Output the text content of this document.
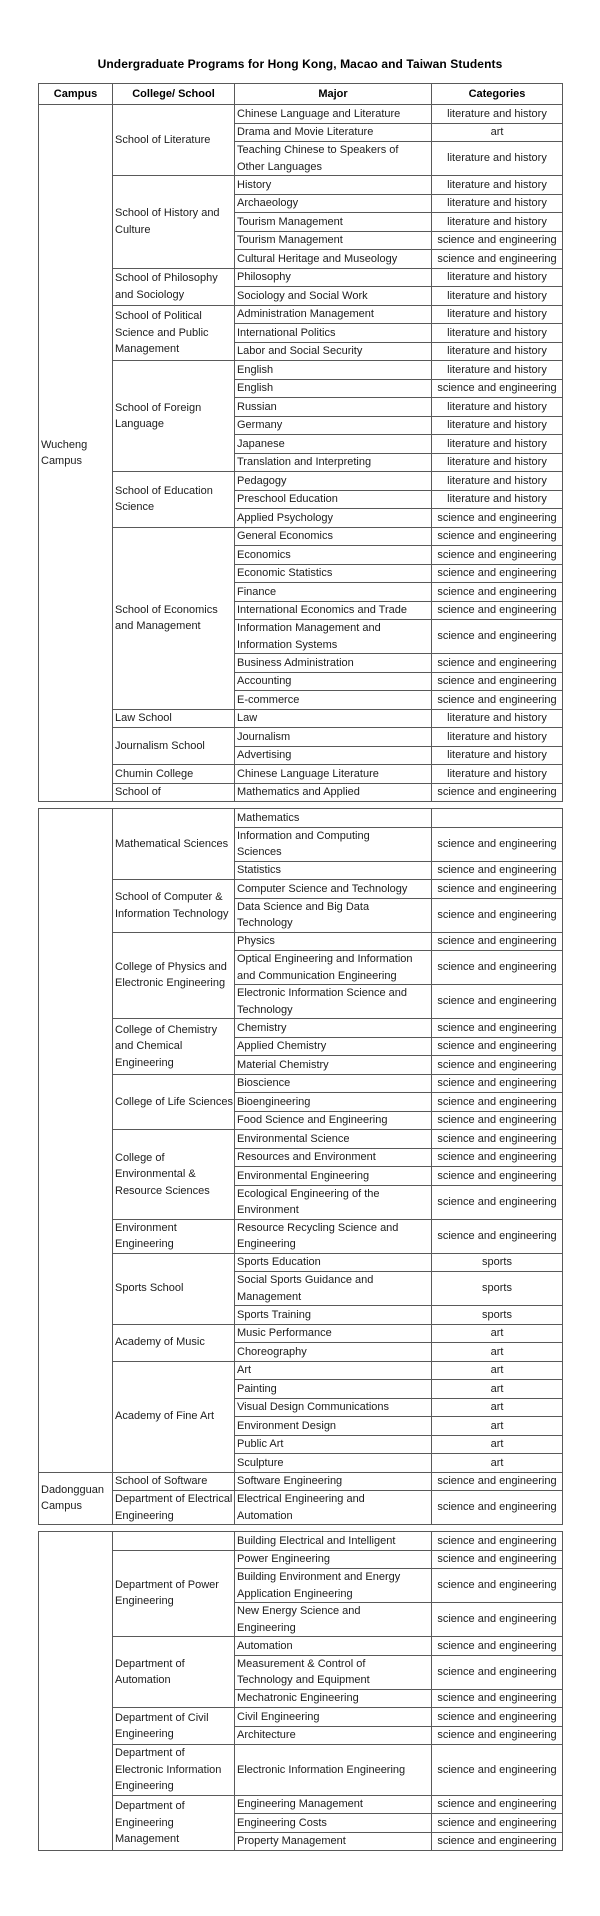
Undergraduate Programs for Hong Kong, Macao and Taiwan Students
Campus	College/ School	Major	Categories
Wucheng Campus	School of Literature	Chinese Language and Literature	literature and history
		Drama and Movie Literature	art
		Teaching Chinese to Speakers of Other Languages	literature and history
	School of History and Culture	History	literature and history
		Archaeology	literature and history
		Tourism Management	literature and history
		Tourism Management	science and engineering
		Cultural Heritage and Museology	science and engineering
	School of Philosophy and Sociology	Philosophy	literature and history
		Sociology and Social Work	literature and history
	School of Political Science and Public Management	Administration Management	literature and history
		International Politics	literature and history
		Labor and Social Security	literature and history
	School of Foreign Language	English	literature and history
		English	science and engineering
		Russian	literature and history
		Germany	literature and history
		Japanese	literature and history
		Translation and Interpreting	literature and history
	School of Education Science	Pedagogy	literature and history
		Preschool Education	literature and history
		Applied Psychology	science and engineering
	School of Economics and Management	General Economics	science and engineering
		Economics	science and engineering
		Economic Statistics	science and engineering
		Finance	science and engineering
		International Economics and Trade	science and engineering
		Information Management and Information Systems	science and engineering
		Business Administration	science and engineering
		Accounting	science and engineering
		E-commerce	science and engineering
	Law School	Law	literature and history
	Journalism School	Journalism	literature and history
		Advertising	literature and history
	Chumin College	Chinese Language Literature	literature and history
	School of	Mathematics and Applied	science and engineering
	Mathematical Sciences	Mathematics	
		Information and Computing Sciences	science and engineering
		Statistics	science and engineering
	School of Computer & Information Technology	Computer Science and Technology	science and engineering
		Data Science and Big Data Technology	science and engineering
	College of Physics and Electronic Engineering	Physics	science and engineering
		Optical Engineering and Information and Communication Engineering	science and engineering
		Electronic Information Science and Technology	science and engineering
	College of Chemistry and Chemical Engineering	Chemistry	science and engineering
		Applied Chemistry	science and engineering
		Material Chemistry	science and engineering
	College of Life Sciences	Bioscience	science and engineering
		Bioengineering	science and engineering
		Food Science and Engineering	science and engineering
	College of Environmental & Resource Sciences	Environmental Science	science and engineering
		Resources and Environment	science and engineering
		Environmental Engineering	science and engineering
		Ecological Engineering of the Environment	science and engineering
	Environment Engineering	Resource Recycling Science and Engineering	science and engineering
	Sports School	Sports Education	sports
		Social Sports Guidance and Management	sports
		Sports Training	sports
	Academy of Music	Music Performance	art
		Choreography	art
	Academy of Fine Art	Art	art
		Painting	art
		Visual Design Communications	art
		Environment Design	art
		Public Art	art
		Sculpture	art
Dadongguan Campus	School of Software	Software Engineering	science and engineering
	Department of Electrical Engineering	Electrical Engineering and Automation	science and engineering
		Building Electrical and Intelligent	science and engineering
	Department of Power Engineering	Power Engineering	science and engineering
		Building Environment and Energy Application Engineering	science and engineering
		New Energy Science and Engineering	science and engineering
	Department of Automation	Automation	science and engineering
		Measurement & Control of Technology and Equipment	science and engineering
		Mechatronic Engineering	science and engineering
	Department of Civil Engineering	Civil Engineering	science and engineering
		Architecture	science and engineering
	Department of Electronic Information Engineering	Electronic Information Engineering	science and engineering
	Department of Engineering Management	Engineering Management	science and engineering
		Engineering Costs	science and engineering
		Property Management	science and engineering
